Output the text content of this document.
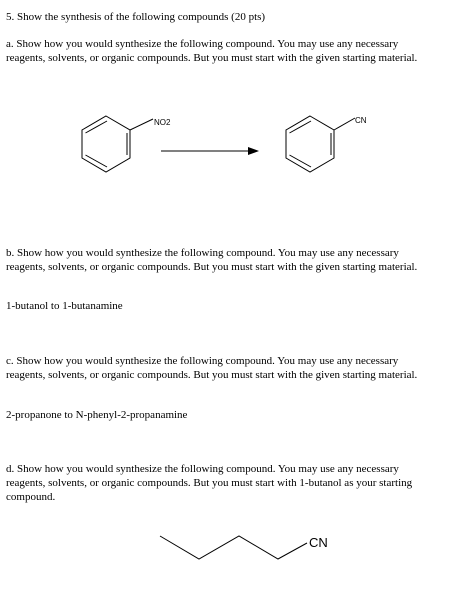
5. Show the synthesis of the following compounds (20 pts)

a. Show how you would synthesize the following compound. You may use any necessary
reagents, solvents, or organic compounds. But you must start with the given starting material.
NO2	CN
CN
b. Show how you would synthesize the following compound. You may use any necessary
reagents, solvents, or organic compounds. But you must start with the given starting material.

1-butanol to 1-butanamine

c. Show how you would synthesize the following compound. You may use any necessary
reagents, solvents, or organic compounds. But you must start with the given starting material.

2-propanone to N-phenyl-2-propanamine

d. Show how you would synthesize the following compound. You may use any necessary
reagents, solvents, or organic compounds. But you must start with 1-butanol as your starting
compound.
